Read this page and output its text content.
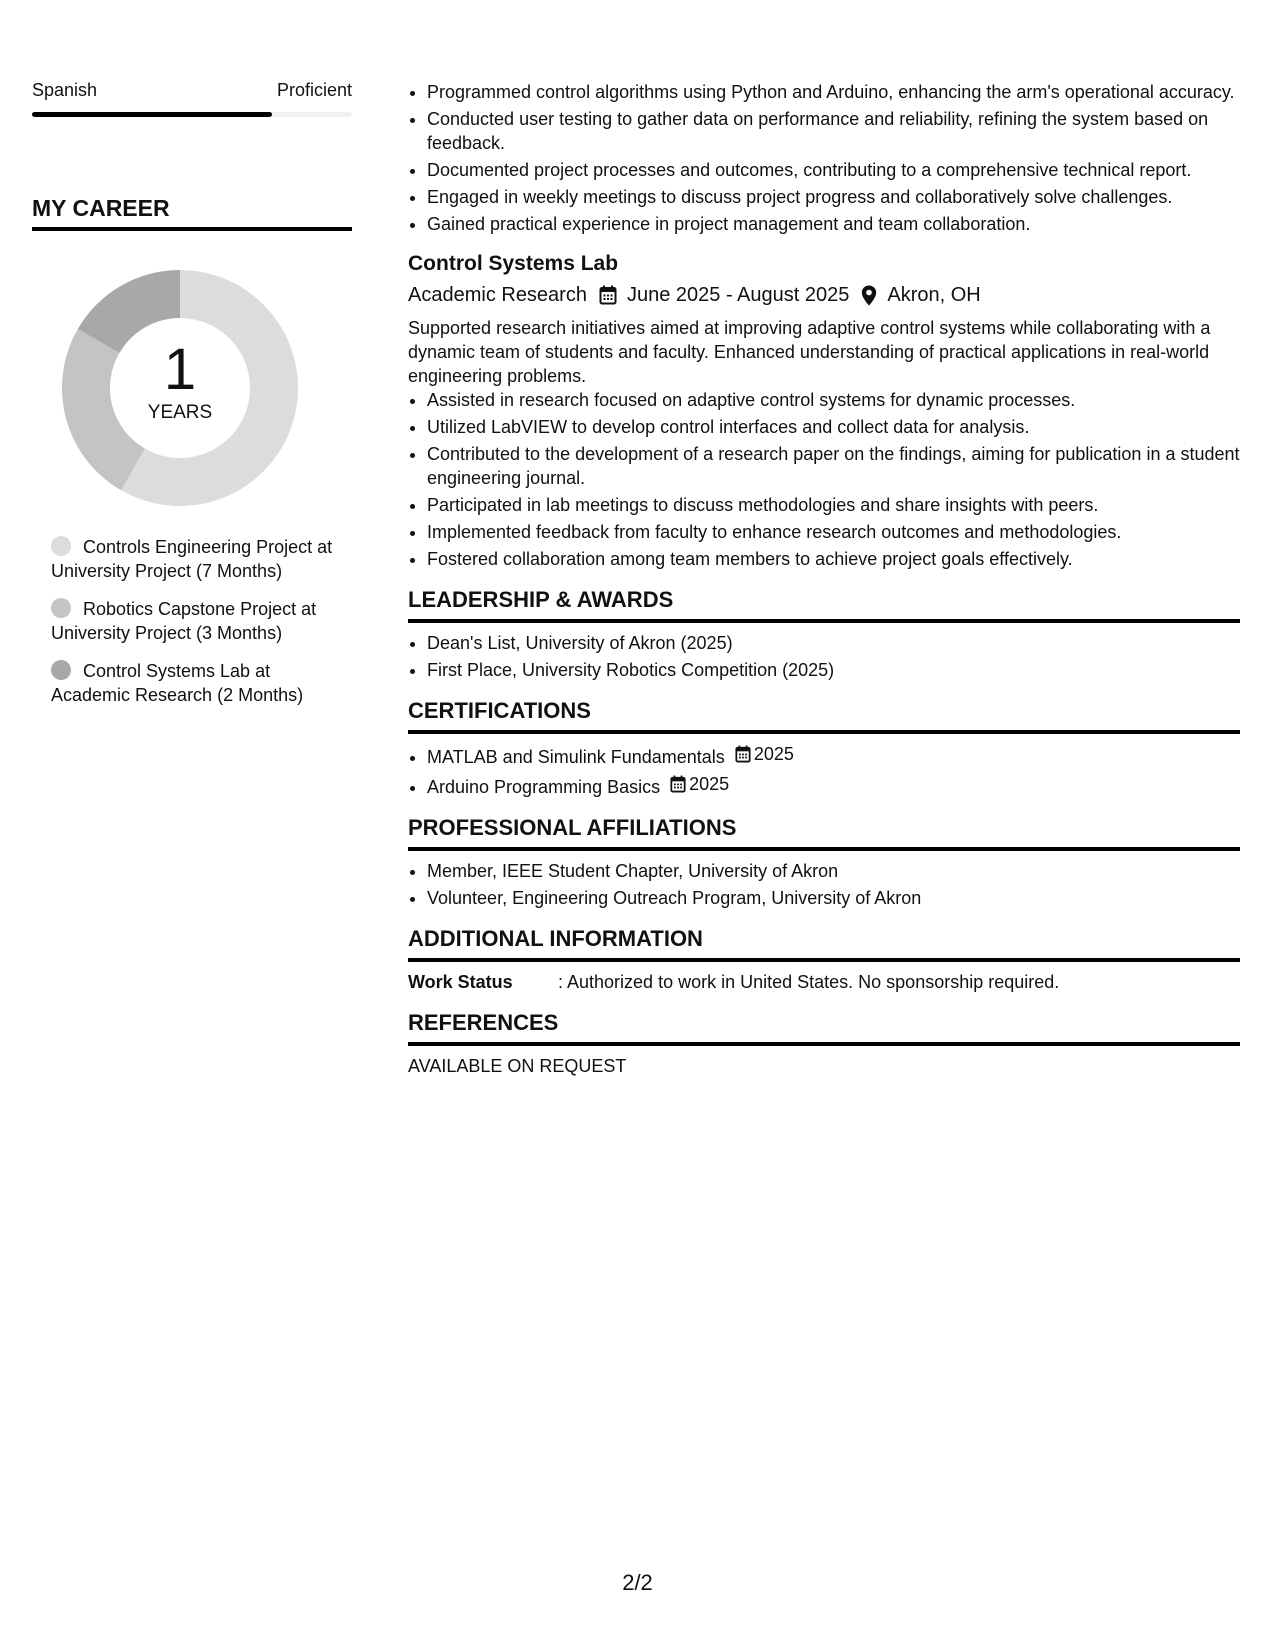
Spanish	Proficient
MY CAREER
1
YEARS
Controls Engineering Project at University Project (7 Months)
Robotics Capstone Project at University Project (3 Months)
Control Systems Lab at Academic Research (2 Months)
• Programmed control algorithms using Python and Arduino, enhancing the arm's operational accuracy.
• Conducted user testing to gather data on performance and reliability, refining the system based on feedback.
• Documented project processes and outcomes, contributing to a comprehensive technical report.
• Engaged in weekly meetings to discuss project progress and collaboratively solve challenges.
• Gained practical experience in project management and team collaboration.
Control Systems Lab
Academic Research June 2025 - August 2025 Akron, OH
Supported research initiatives aimed at improving adaptive control systems while collaborating with a dynamic team of students and faculty. Enhanced understanding of practical applications in real-world engineering problems.
• Assisted in research focused on adaptive control systems for dynamic processes.
• Utilized LabVIEW to develop control interfaces and collect data for analysis.
• Contributed to the development of a research paper on the findings, aiming for publication in a student engineering journal.
• Participated in lab meetings to discuss methodologies and share insights with peers.
• Implemented feedback from faculty to enhance research outcomes and methodologies.
• Fostered collaboration among team members to achieve project goals effectively.
LEADERSHIP & AWARDS
• Dean's List, University of Akron (2025)
• First Place, University Robotics Competition (2025)
CERTIFICATIONS
• MATLAB and Simulink Fundamentals 2025
• Arduino Programming Basics 2025
PROFESSIONAL AFFILIATIONS
• Member, IEEE Student Chapter, University of Akron
• Volunteer, Engineering Outreach Program, University of Akron
ADDITIONAL INFORMATION
Work Status	: Authorized to work in United States. No sponsorship required.
REFERENCES
AVAILABLE ON REQUEST
2/2
